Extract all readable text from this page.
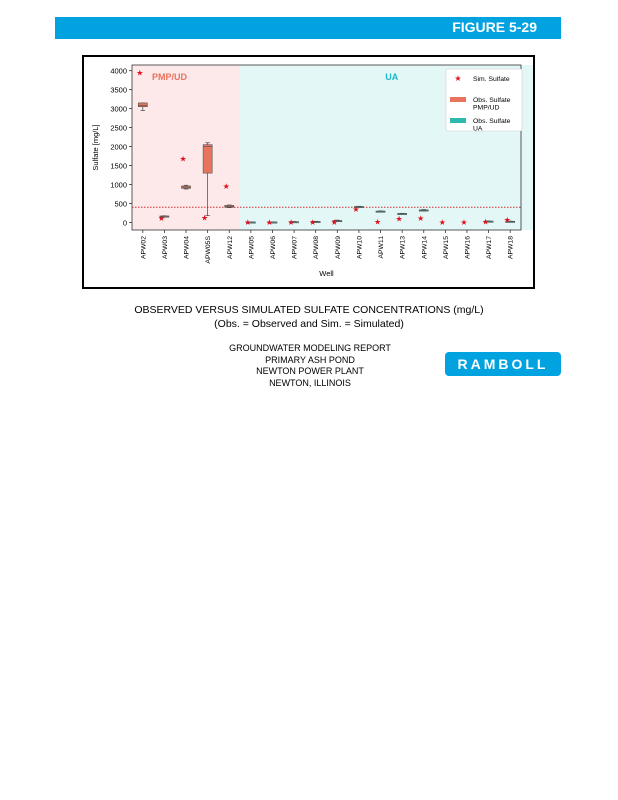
FIGURE 5-29
PMP/UD	UA
0
500
1000
1500
2000
2500
3000
3500
4000
Sulfate [mg/L]
APW02
★
APW03
★
APW04
★
APW05S
★
APW12
★
APW05
★
APW06
★
APW07
★
APW08
★
APW09
★
APW10
★
APW11
★
APW13
★
APW14
★
APW15
★
APW16
★
APW17
★
APW18
★
Well
★ Sim. Sulfate
Obs. Sulfate
PMP/UD
Obs. Sulfate
UA
OBSERVED VERSUS SIMULATED SULFATE CONCENTRATIONS (mg/L)
(Obs. = Observed and Sim. = Simulated)
GROUNDWATER MODELING REPORT
PRIMARY ASH POND
NEWTON POWER PLANT
NEWTON, ILLINOIS
RAMBOLL
